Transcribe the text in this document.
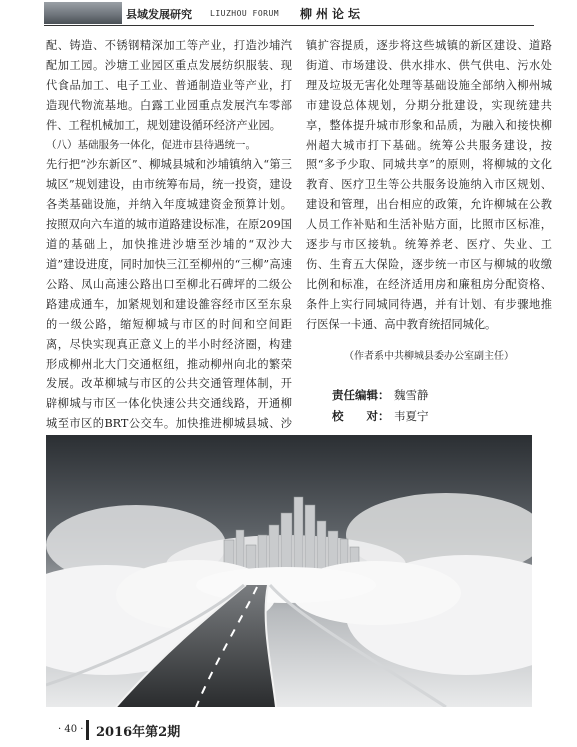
县域发展研究 LIUZHOU FORUM 柳州论坛

配、铸造、不锈钢精深加工等产业，打造沙埔汽配加工园。沙塘工业园区重点发展纺织服装、现代食品加工、电子工业、普通制造业等产业，打造现代物流基地。白露工业园重点发展汽车零部件、工程机械加工，规划建设循环经济产业园。

（八）基础服务一体化，促进市县待遇统一。

先行把“沙东新区”、柳城县城和沙埔镇纳入“第三城区”规划建设，由市统筹布局，统一投资，建设各类基础设施，并纳入年度城建资金预算计划。按照双向六车道的城市道路建设标准，在原209国道的基础上，加快推进沙塘至沙埔的“双沙大道”建设进度，同时加快三江至柳州的“三柳”高速公路、凤山高速公路出口至柳北石碑坪的二级公路建成通车，加紧规划和建设雒容经市区至东泉的一级公路，缩短柳城与市区的时间和空间距离，尽快实现真正意义上的半小时经济圈，构建形成柳州北大门交通枢纽，推动柳州向北的繁荣发展。改革柳城与市区的公共交通管理体制，开辟柳城与市区一体化快速公共交通线路，开通柳城至市区的BRT公交车。加快推进柳城县城、沙

镇扩容提质，逐步将这些城镇的新区建设、道路街道、市场建设、供水排水、供气供电、污水处理及垃圾无害化处理等基础设施全部纳入柳州城市建设总体规划，分期分批建设，实现统建共享，整体提升城市形象和品质，为融入和接快柳州超大城市打下基础。统筹公共服务建设，按照“多予少取、同城共享”的原则，将柳城的文化教育、医疗卫生等公共服务设施纳入市区规划、建设和管理，出台相应的政策，允许柳城在公教人员工作补贴和生活补贴方面，比照市区标准，逐步与市区接轨。统筹养老、医疗、失业、工伤、生育五大保险，逐步统一市区与柳城的收缴比例和标准，在经济适用房和廉租房分配资格、条件上实行同城同待遇，并有计划、有步骤地推行医保一卡通、高中教育统招同城化。

（作者系中共柳城县委办公室副主任）
责任编辑： 魏雪静
校　　对： 韦夏宁
· 40 · 2016年第2期
